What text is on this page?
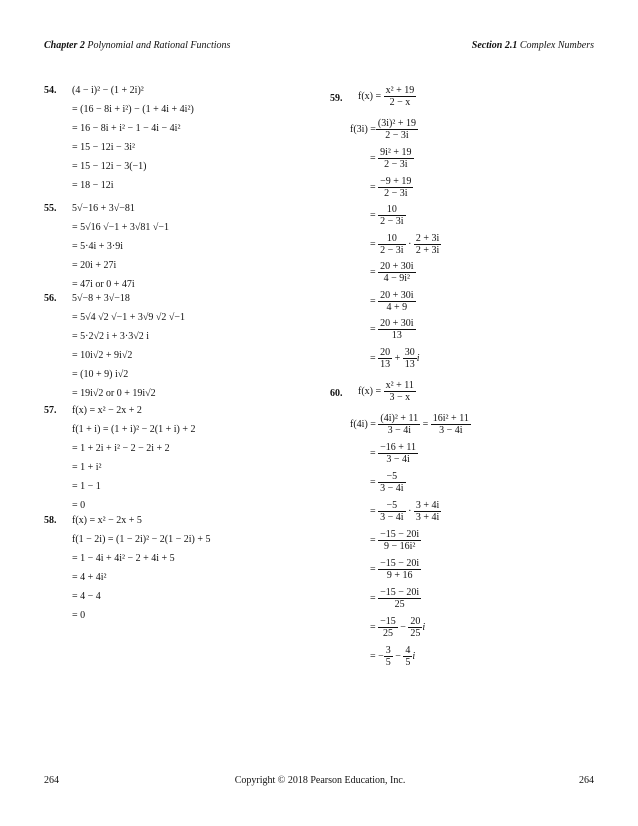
Chapter 2 Polynomial and Rational Functions	Section 2.1 Complex Numbers
54. (4 − i)² − (1 + 2i)²
= (16 − 8i + i²) − (1 + 4i + 4i²)
= 16 − 8i + i² − 1 − 4i − 4i²
= 15 − 12i − 3i²
= 15 − 12i − 3(−1)
= 18 − 12i
55. 5√−16 + 3√−81
= 5√16 √−1 + 3√81 √−1
= 5·4i + 3·9i
= 20i + 27i
= 47i or 0 + 47i
56. 5√−8 + 3√−18
= 5√4 √2 √−1 + 3√9 √2 √−1
= 5·2√2 i + 3·3√2 i
= 10i√2 + 9i√2
= (10 + 9) i√2
= 19i√2 or 0 + 19i√2
57. f(x) = x² − 2x + 2
f(1 + i) = (1 + i)² − 2(1 + i) + 2
= 1 + 2i + i² − 2 − 2i + 2
= 1 + i²
= 1 − 1
= 0
58. f(x) = x² − 2x + 5
f(1 − 2i) = (1 − 2i)² − 2(1 − 2i) + 5
= 1 − 4i + 4i² − 2 + 4i + 5
= 4 + 4i²
= 4 − 4
= 0
59. $f(x) = \frac{\text{x² + 19}}{2 - x}$
$f(3i) = \frac{\text{(3i)² + 19}}{2 - 3i}$
= $\frac{\text{9i² + 19}}{2 - 3i}$
= $\frac{-9 + 19}{2 - 3i}$
= $\frac{10}{2 - 3i}$
= $\frac{10}{2 - 3i} \cdot \frac{2 + 3i}{2 + 3i}$
= $\frac{20 + 30i}{\text{4 − 9i²}}$
= $\frac{20 + 30i}{4 + 9}$
= $\frac{20 + 30i}{13}$
= $\frac{20}{13} + \frac{30}{13}$ i
60. $f(x) = \frac{\text{x² + 11}}{3 - x}$
$f(4i) = \frac{\text{(4i)² + 11}}{3 - 4i} = \frac{\text{16i² + 11}}{3 - 4i}$
= $\frac{-16 + 11}{3 - 4i}$
= $\frac{-5}{3 - 4i}$
= $\frac{-5}{3 - 4i} \cdot \frac{3 + 4i}{3 + 4i}$
= $\frac{-15 - 20i}{\text{9 − 16i²}}$
= $\frac{-15 - 20i}{9 + 16}$
= $\frac{-15 - 20i}{25}$
= $\frac{-15}{25} - \frac{20}{25}$ i
= − $\frac{3}{5} - \frac{4}{5}$ i
264	Copyright © 2018 Pearson Education, Inc.	264
